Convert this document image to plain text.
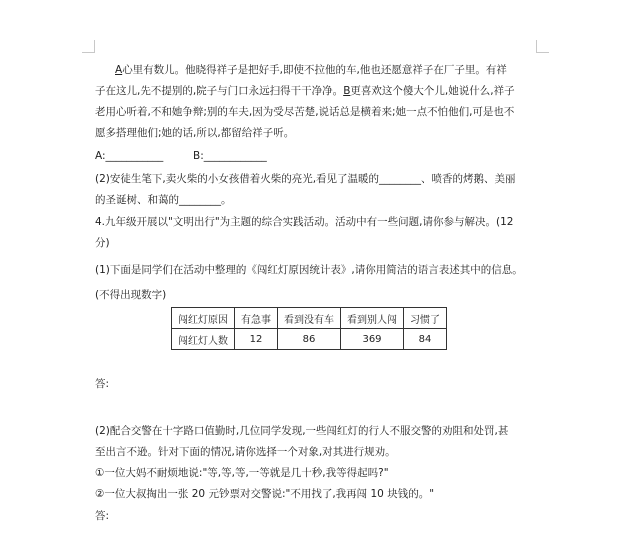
A心里有数儿。他晓得祥子是把好手,即使不拉他的车,他也还愿意祥子在厂子里。有祥
子在这儿,先不提别的,院子与门口永远扫得干干净净。B更喜欢这个傻大个儿,她说什么,祥子
老用心听着,不和她争辩;别的车夫,因为受尽苦楚,说话总是横着来;她一点不怕他们,可是也不
愿多搭理他们;她的话,所以,都留给祥子听。
A:___________	B:____________
(2)安徒生笔下,卖火柴的小女孩借着火柴的亮光,看见了温暖的________、喷香的烤鹅、美丽
的圣诞树、和蔼的________。
4.九年级开展以"文明出行"为主题的综合实践活动。活动中有一些问题,请你参与解决。(12
分)
(1)下面是同学们在活动中整理的《闯红灯原因统计表》,请你用简洁的语言表述其中的信息。
(不得出现数字)
闯红灯原因	有急事	看到没有车	看到别人闯	习惯了
闯红灯人数	12	86	369	84
答:
(2)配合交警在十字路口值勤时,几位同学发现,一些闯红灯的行人不服交警的劝阻和处罚,甚
至出言不逊。针对下面的情况,请你选择一个对象,对其进行规劝。
①一位大妈不耐烦地说:"等,等,等,一等就是几十秒,我等得起吗?"
②一位大叔掏出一张 20 元钞票对交警说:"不用找了,我再闯 10 块钱的。"
答:
